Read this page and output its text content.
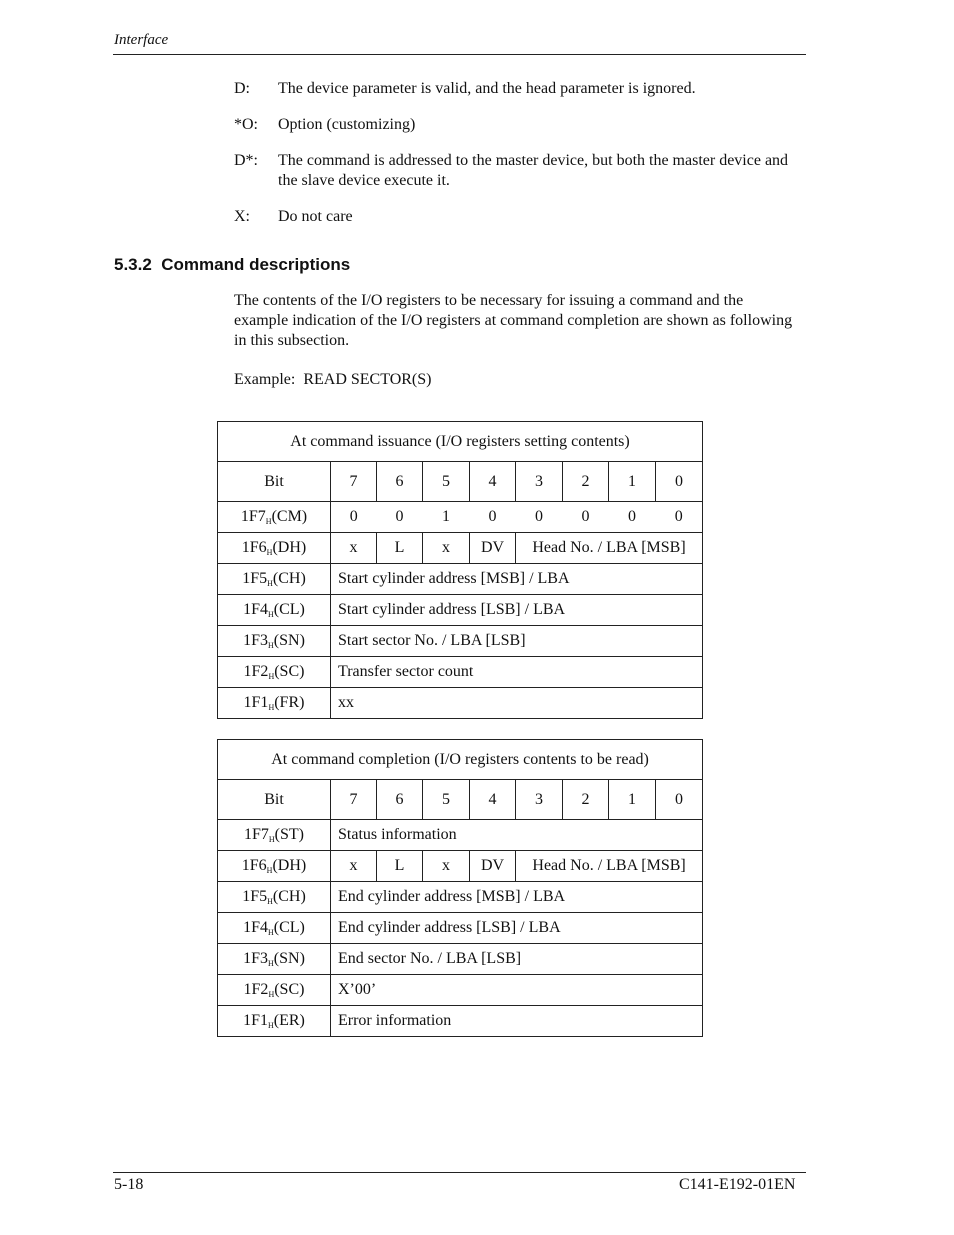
Interface
D:	The device parameter is valid, and the head parameter is ignored.
*O:	Option (customizing)
D*:	The command is addressed to the master device, but both the master device and the slave device execute it.
X:	Do not care
5.3.2  Command descriptions
The contents of the I/O registers to be necessary for issuing a command and the example indication of the I/O registers at command completion are shown as following in this subsection.
Example:  READ SECTOR(S)
At command issuance (I/O registers setting contents)								
Bit	7	6	5	4	3	2	1	0
$1F7_H(CM)$	0	0	1	0	0	0	0	0
$1F6_H(DH)$	x	L	x	DV	Head No. / LBA [MSB]			
$1F5_H(CH)$	Start cylinder address [MSB] / LBA							
$1F4_H(CL)$	Start cylinder address [LSB] / LBA							
$1F3_H(SN)$	Start sector No. / LBA [LSB]							
$1F2_H(SC)$	Transfer sector count							
$1F1_H(FR)$	xx							
At command completion (I/O registers contents to be read)								
Bit	7	6	5	4	3	2	1	0
$1F7_H(ST)$	Status information							
$1F6_H(DH)$	x	L	x	DV	Head No. / LBA [MSB]			
$1F5_H(CH)$	End cylinder address [MSB] / LBA							
$1F4_H(CL)$	End cylinder address [LSB] / LBA							
$1F3_H(SN)$	End sector No. / LBA [LSB]							
$1F2_H(SC)$	X’00’							
$1F1_H(ER)$	Error information							
5-18	C141-E192-01EN
